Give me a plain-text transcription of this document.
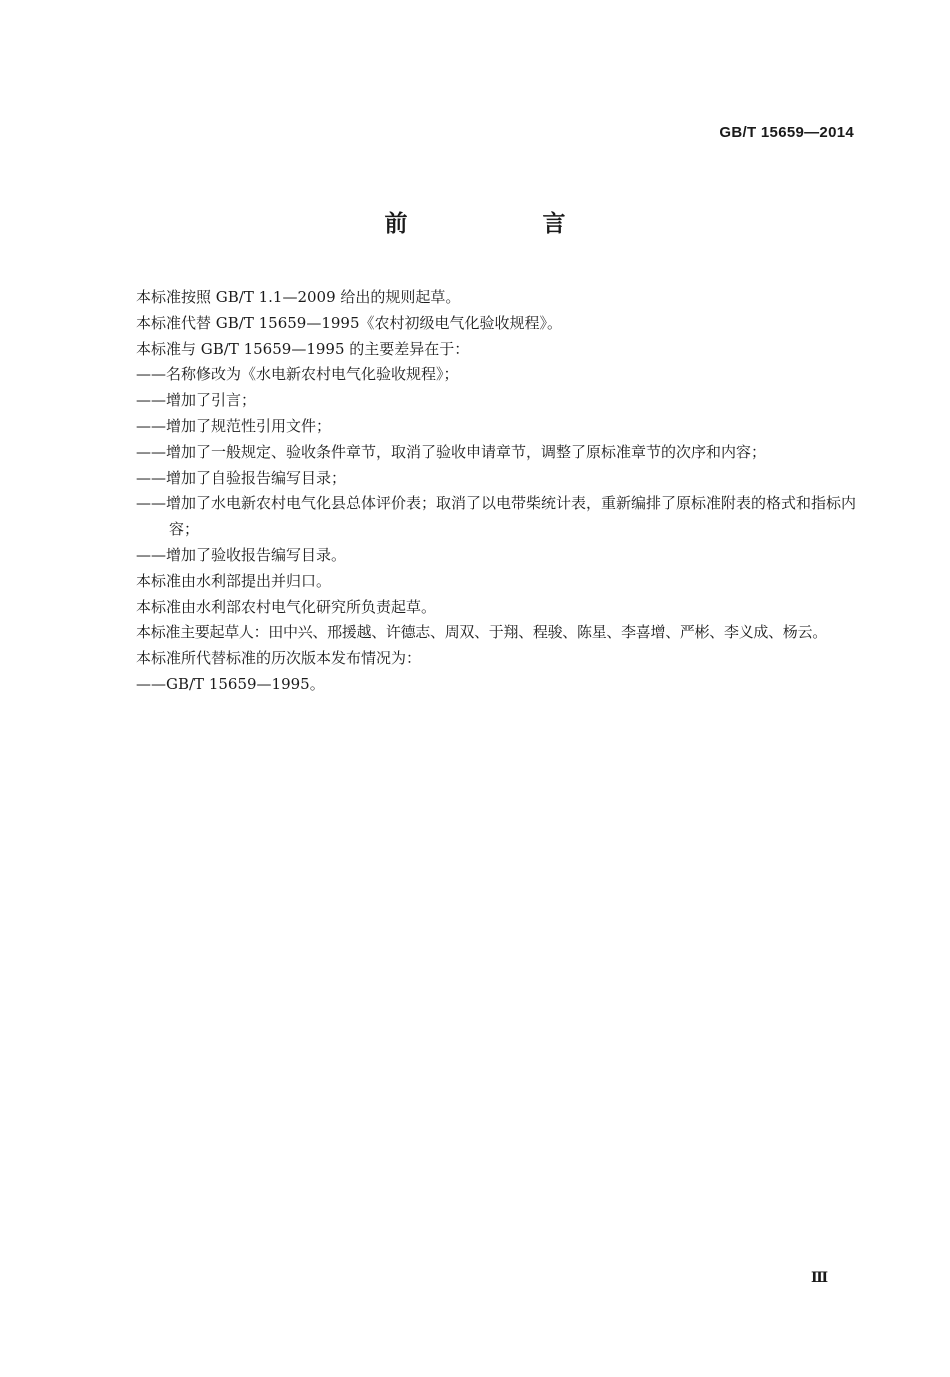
GB/T 15659—2014
前　言
本标准按照 GB/T 1.1—2009 给出的规则起草。
本标准代替 GB/T 15659—1995《农村初级电气化验收规程》。
本标准与 GB/T 15659—1995 的主要差异在于：
——名称修改为《水电新农村电气化验收规程》；
——增加了引言；
——增加了规范性引用文件；
——增加了一般规定、验收条件章节，取消了验收申请章节，调整了原标准章节的次序和内容；
——增加了自验报告编写目录；
——增加了水电新农村电气化县总体评价表；取消了以电带柴统计表，重新编排了原标准附表的格式和指标内容；
——增加了验收报告编写目录。
本标准由水利部提出并归口。
本标准由水利部农村电气化研究所负责起草。
本标准主要起草人：田中兴、邢援越、许德志、周双、于翔、程骏、陈星、李喜增、严彬、李义成、杨云。
本标准所代替标准的历次版本发布情况为：
——GB/T 15659—1995。
Ⅲ
